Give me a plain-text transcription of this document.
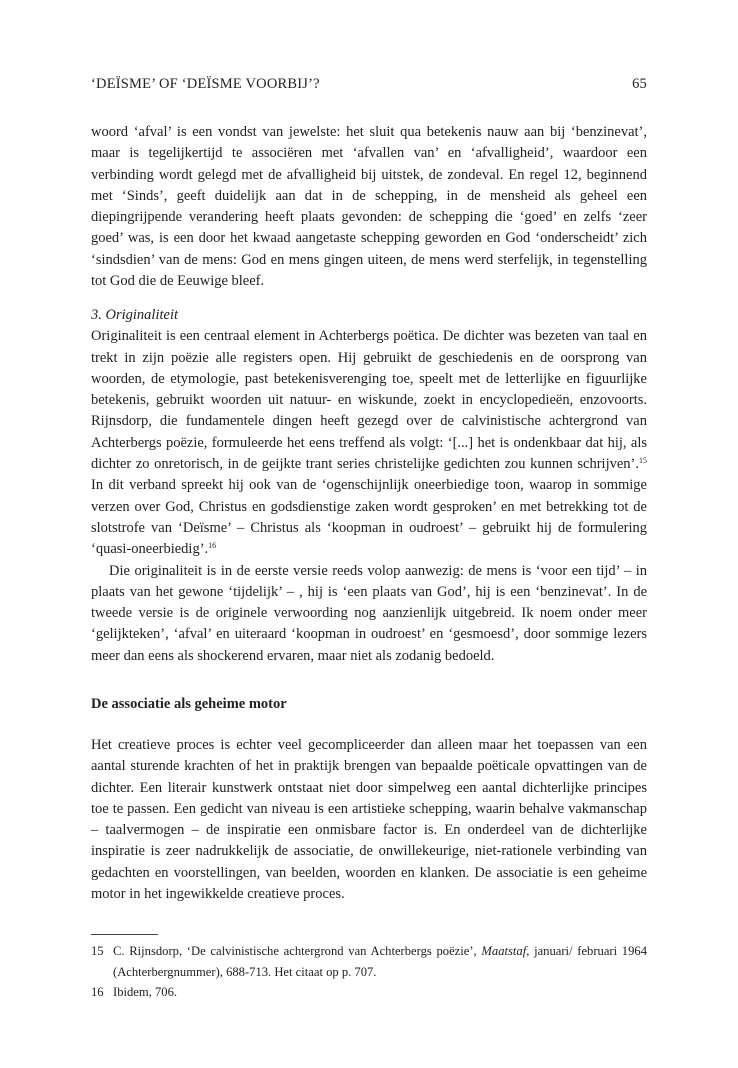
‘DEÏSME’ OF ‘DEÏSME VOORBIJ’?	65

woord ‘afval’ is een vondst van jewelste: het sluit qua betekenis nauw aan bij ‘benzinevat’, maar is tegelijkertijd te associëren met ‘afvallen van’ en ‘afvalligheid’, waardoor een verbinding wordt gelegd met de afvalligheid bij uitstek, de zondeval. En regel 12, beginnend met ‘Sinds’, geeft duidelijk aan dat in de schepping, in de mensheid als geheel een diepingrijpende verandering heeft plaats gevonden: de schepping die ‘goed’ en zelfs ‘zeer goed’ was, is een door het kwaad aangetaste schepping geworden en God ‘onderscheidt’ zich ‘sindsdien’ van de mens: God en mens gingen uiteen, de mens werd sterfelijk, in tegenstelling tot God die de Eeuwige bleef.

3. Originaliteit

Originaliteit is een centraal element in Achterbergs poëtica. De dichter was bezeten van taal en trekt in zijn poëzie alle registers open. Hij gebruikt de geschiedenis en de oorsprong van woorden, de etymologie, past betekenisverenging toe, speelt met de letterlijke en figuurlijke betekenis, gebruikt woorden uit natuur- en wiskunde, zoekt in encyclopedieën, enzovoorts. Rijnsdorp, die fundamentele dingen heeft gezegd over de calvinistische achtergrond van Achterbergs poëzie, formuleerde het eens treffend als volgt: ‘[...] het is ondenkbaar dat hij, als dichter zo onretorisch, in de geijkte trant series christelijke gedichten zou kunnen schrijven’.$^{15}$ In dit verband spreekt hij ook van de ‘ogenschijnlijk oneerbiedige toon, waarop in sommige verzen over God, Christus en godsdienstige zaken wordt gesproken’ en met betrekking tot de slotstrofe van ‘Deïsme’ – Christus als ‘koopman in oudroest’ – gebruikt hij de formulering ‘quasi-oneerbiedig’.$^{16}$

Die originaliteit is in de eerste versie reeds volop aanwezig: de mens is ‘voor een tijd’ – in plaats van het gewone ‘tijdelijk’ – , hij is ‘een plaats van God’, hij is een ‘benzinevat’. In de tweede versie is de originele verwoording nog aanzienlijk uitgebreid. Ik noem onder meer ‘gelijkteken’, ‘afval’ en uiteraard ‘koopman in oudroest’ en ‘gesmoesd’, door sommige lezers meer dan eens als shockerend ervaren, maar niet als zodanig bedoeld.

De associatie als geheime motor

Het creatieve proces is echter veel gecompliceerder dan alleen maar het toepassen van een aantal sturende krachten of het in praktijk brengen van bepaalde poëticale opvattingen van de dichter. Een literair kunstwerk ontstaat niet door simpelweg een aantal dichterlijke principes toe te passen. Een gedicht van niveau is een artistieke schepping, waarin behalve vakmanschap – taalvermogen – de inspiratie een onmisbare factor is. En onderdeel van de dichterlijke inspiratie is zeer nadrukkelijk de associatie, de onwillekeurige, niet-rationele verbinding van gedachten en voorstellingen, van beelden, woorden en klanken. De associatie is een geheime motor in het ingewikkelde creatieve proces.

15 C. Rijnsdorp, ‘De calvinistische achtergrond van Achterbergs poëzie’, Maatstaf, januari/ februari 1964 (Achterbergnummer), 688-713. Het citaat op p. 707.
16 Ibidem, 706.
